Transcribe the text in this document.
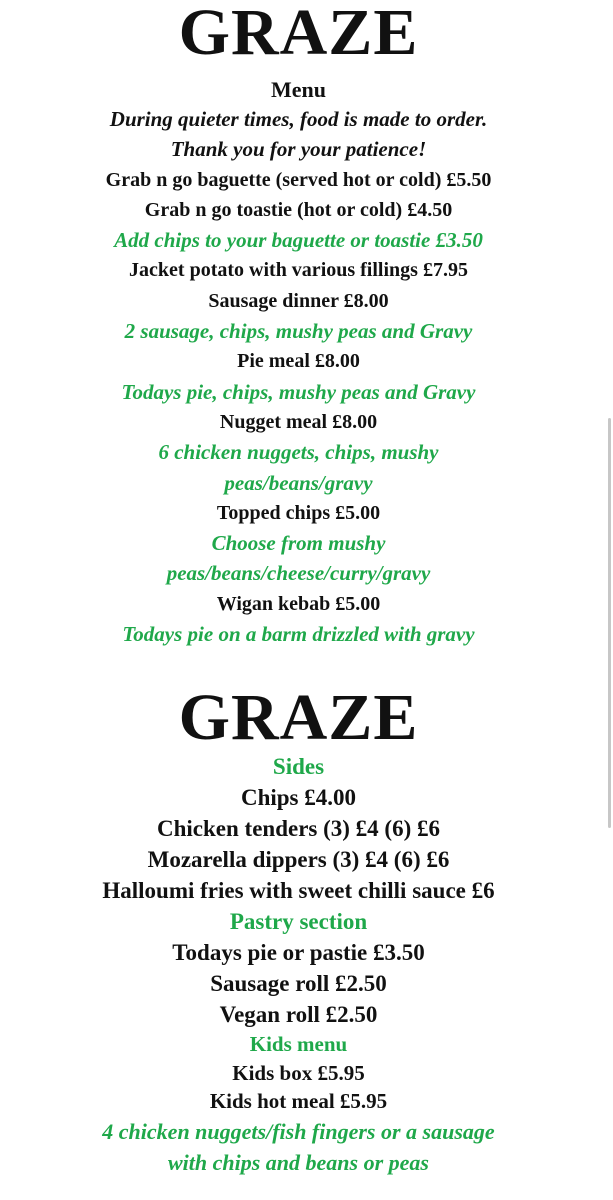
GRAZE
Menu
During quieter times, food is made to order.
Thank you for your patience!
Grab n go baguette (served hot or cold) £5.50
Grab n go toastie (hot or cold) £4.50
Add chips to your baguette or toastie £3.50
Jacket potato with various fillings £7.95
Sausage dinner £8.00
2 sausage, chips, mushy peas and Gravy
Pie meal £8.00
Todays pie, chips, mushy peas and Gravy
Nugget meal £8.00
6 chicken nuggets, chips, mushy
peas/beans/gravy
Topped chips £5.00
Choose from mushy
peas/beans/cheese/curry/gravy
Wigan kebab £5.00
Todays pie on a barm drizzled with gravy
GRAZE
Sides
Chips £4.00
Chicken tenders (3) £4 (6) £6
Mozarella dippers (3) £4 (6) £6
Halloumi fries with sweet chilli sauce £6
Pastry section
Todays pie or pastie £3.50
Sausage roll £2.50
Vegan roll £2.50
Kids menu
Kids box £5.95
Kids hot meal £5.95
4 chicken nuggets/fish fingers or a sausage
with chips and beans or peas
